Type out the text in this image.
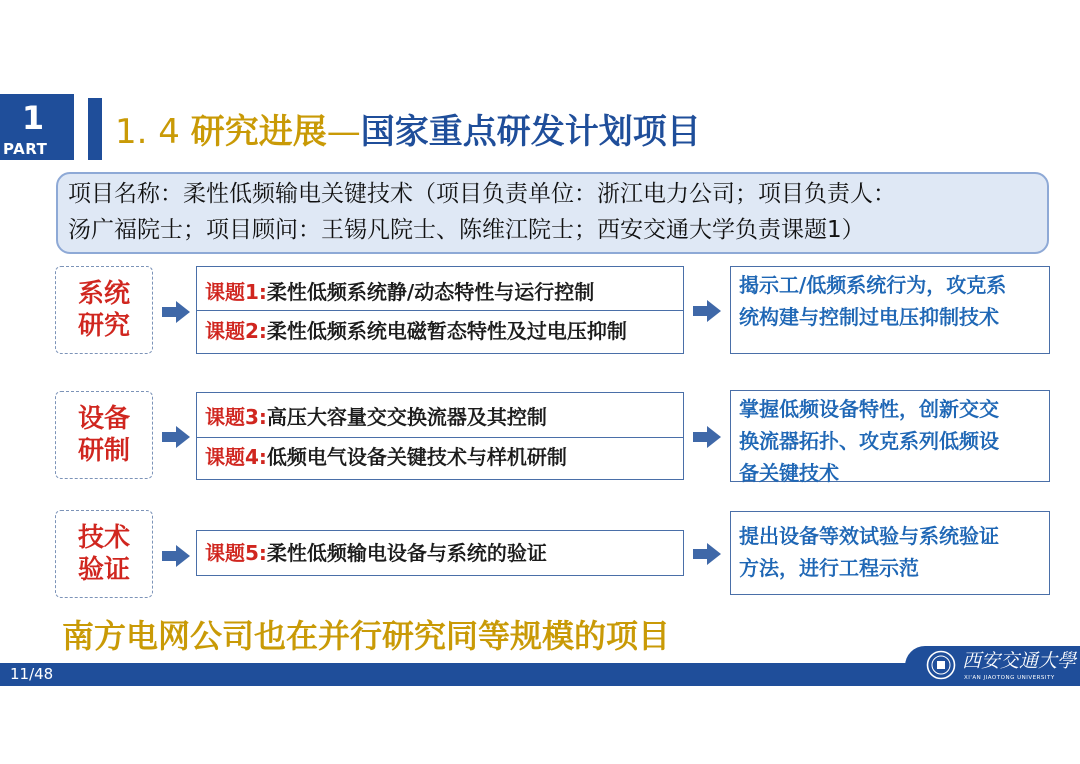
1
PART	1. 4 研究进展—国家重点研发计划项目
项目名称：柔性低频输电关键技术（项目负责单位：浙江电力公司；项目负责人：
汤广福院士；项目顾问：王锡凡院士、陈维江院士；西安交通大学负责课题1）
系统
研究
课题1:柔性低频系统静/动态特性与运行控制
课题2:柔性低频系统电磁暂态特性及过电压抑制
揭示工/低频系统行为，攻克系
统构建与控制过电压抑制技术
设备
研制
课题3:高压大容量交交换流器及其控制
课题4:低频电气设备关键技术与样机研制
掌握低频设备特性，创新交交
换流器拓扑、攻克系列低频设
备关键技术
技术
验证
课题5:柔性低频输电设备与系统的验证
提出设备等效试验与系统验证
方法，进行工程示范
南方电网公司也在并行研究同等规模的项目
11/48
西安交通大學
XI'AN JIAOTONG UNIVERSITY
